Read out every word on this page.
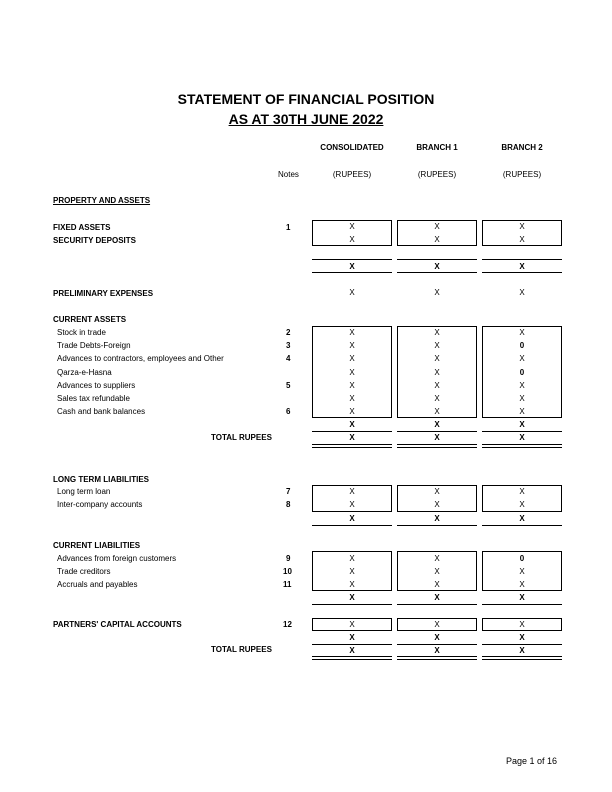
STATEMENT OF FINANCIAL POSITION
AS AT 30TH JUNE 2022
CONSOLIDATED	BRANCH 1	BRANCH 2
Notes	(RUPEES)	(RUPEES)	(RUPEES)
PROPERTY AND ASSETS
FIXED ASSETS	1	X	X	X
SECURITY DEPOSITS	X	X	X
X	X	X
PRELIMINARY EXPENSES	X	X	X
CURRENT ASSETS
Stock in trade	2	X	X	X
Trade Debts-Foreign	3	X	X	0
Advances to contractors, employees and Other	4	X	X	X
Qarza-e-Hasna	X	X	0
Advances to suppliers	5	X	X	X
Sales tax refundable	X	X	X
Cash and bank balances	6	X	X	X
X	X	X
TOTAL RUPEES	X	X	X
LONG TERM LIABILITIES
Long term loan	7	X	X	X
Inter-company accounts	8	X	X	X
X	X	X
CURRENT LIABILITIES
Advances from foreign customers	9	X	X	0
Trade creditors	10	X	X	X
Accruals and payables	11	X	X	X
X	X	X
PARTNERS' CAPITAL ACCOUNTS	12	X	X	X
X	X	X
TOTAL RUPEES	X	X	X
Page 1 of 16
